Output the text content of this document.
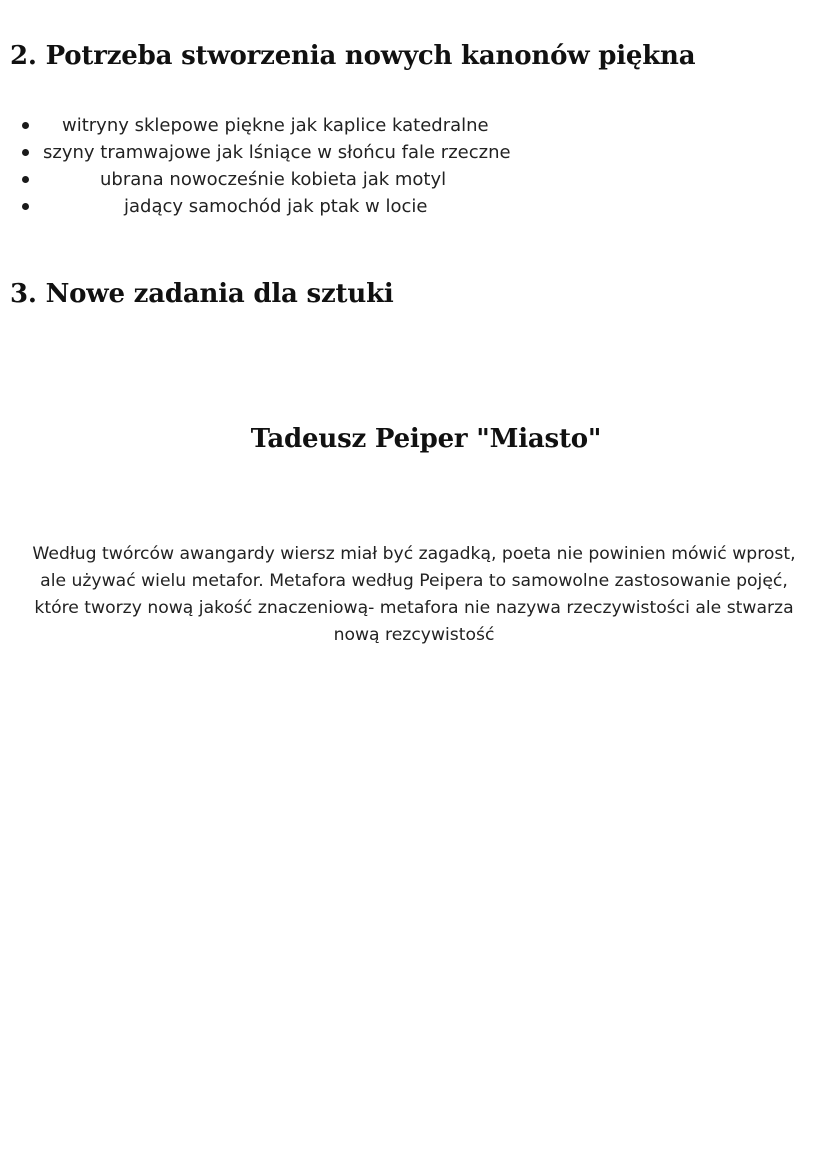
2. Potrzeba stworzenia nowych kanonów piękna
witryny sklepowe piękne jak kaplice katedralne
szyny tramwajowe jak lśniące w słońcu fale rzeczne
ubrana nowocześnie kobieta jak motyl
jadący samochód jak ptak w locie
3. Nowe zadania dla sztuki
Tadeusz Peiper "Miasto"

Według twórców awangardy wiersz miał być zagadką, poeta nie powinien mówić wprost,
ale używać wielu metafor. Metafora według Peipera to samowolne zastosowanie pojęć,
które tworzy nową jakość znaczeniową- metafora nie nazywa rzeczywistości ale stwarza
nową rezcywistość
